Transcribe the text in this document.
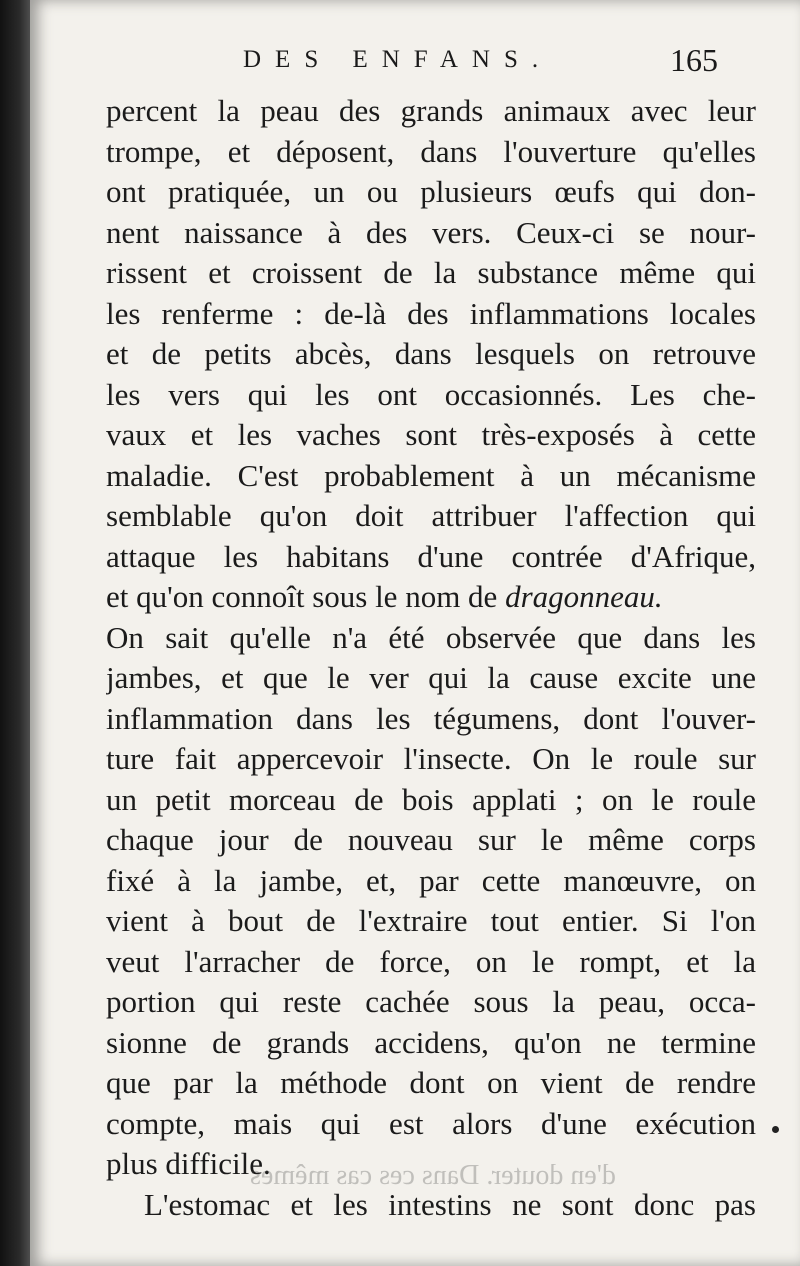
DES ENFANS.	165
percent la peau des grands animaux avec leur
trompe, et déposent, dans l'ouverture qu'elles
ont pratiquée, un ou plusieurs œufs qui don-
nent naissance à des vers. Ceux-ci se nour-
rissent et croissent de la substance même qui
les renferme : de-là des inflammations locales
et de petits abcès, dans lesquels on retrouve
les vers qui les ont occasionnés. Les che-
vaux et les vaches sont très-exposés à cette
maladie. C'est probablement à un mécanisme
semblable qu'on doit attribuer l'affection qui
attaque les habitans d'une contrée d'Afrique,
et qu'on connoît sous le nom de dragonneau.
On sait qu'elle n'a été observée que dans les
jambes, et que le ver qui la cause excite une
inflammation dans les tégumens, dont l'ouver-
ture fait appercevoir l'insecte. On le roule sur
un petit morceau de bois applati ; on le roule
chaque jour de nouveau sur le même corps
fixé à la jambe, et, par cette manœuvre, on
vient à bout de l'extraire tout entier. Si l'on
veut l'arracher de force, on le rompt, et la
portion qui reste cachée sous la peau, occa-
sionne de grands accidens, qu'on ne termine
que par la méthode dont on vient de rendre
compte, mais qui est alors d'une exécution
plus difficile.
L'estomac et les intestins ne sont donc pas
d'en douter. Dans ces cas mêmes
